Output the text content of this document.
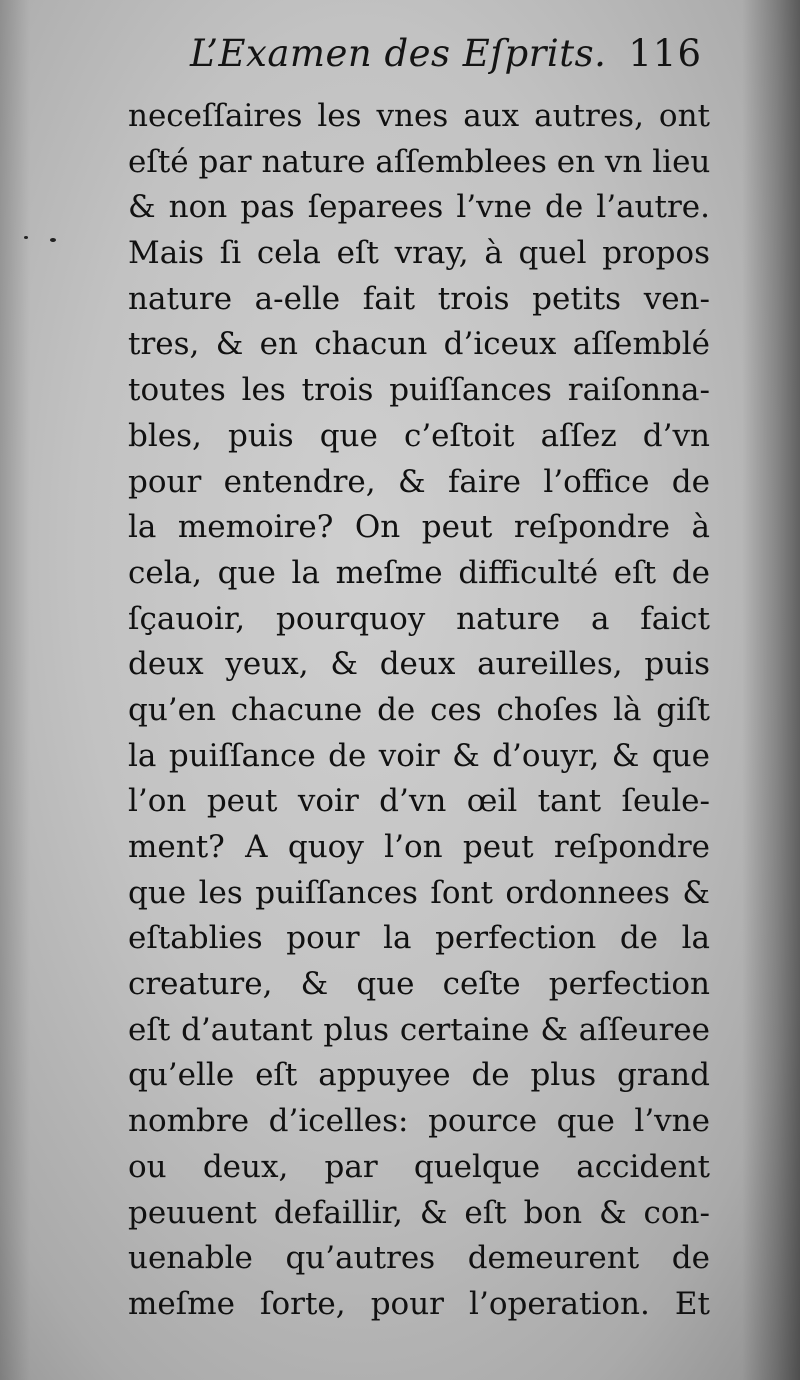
L’Examen des Eſprits. 116
neceſſaires les vnes aux autres, ont
eſté par nature aſſemblees en vn lieu
& non pas ſeparees l’vne de l’autre.
Mais ſi cela eſt vray, à quel propos
nature a-elle fait trois petits ven-
tres, & en chacun d’iceux aſſemblé
toutes les trois puiſſances raiſonna-
bles, puis que c’eſtoit aſſez d’vn
pour entendre, & faire l’office de
la memoire? On peut reſpondre à
cela, que la meſme difficulté eſt de
ſçauoir, pourquoy nature a faict
deux yeux, & deux aureilles, puis
qu’en chacune de ces choſes là giſt
la puiſſance de voir & d’ouyr, & que
l’on peut voir d’vn œil tant ſeule-
ment? A quoy l’on peut reſpondre
que les puiſſances ſont ordonnees &
eſtablies pour la perfection de la
creature, & que ceſte perfection
eſt d’autant plus certaine & aſſeuree
qu’elle eſt appuyee de plus grand
nombre d’icelles: pource que l’vne
ou deux, par quelque accident
peuuent defaillir, & eſt bon & con-
uenable qu’autres demeurent de
meſme ſorte, pour l’operation. Et
